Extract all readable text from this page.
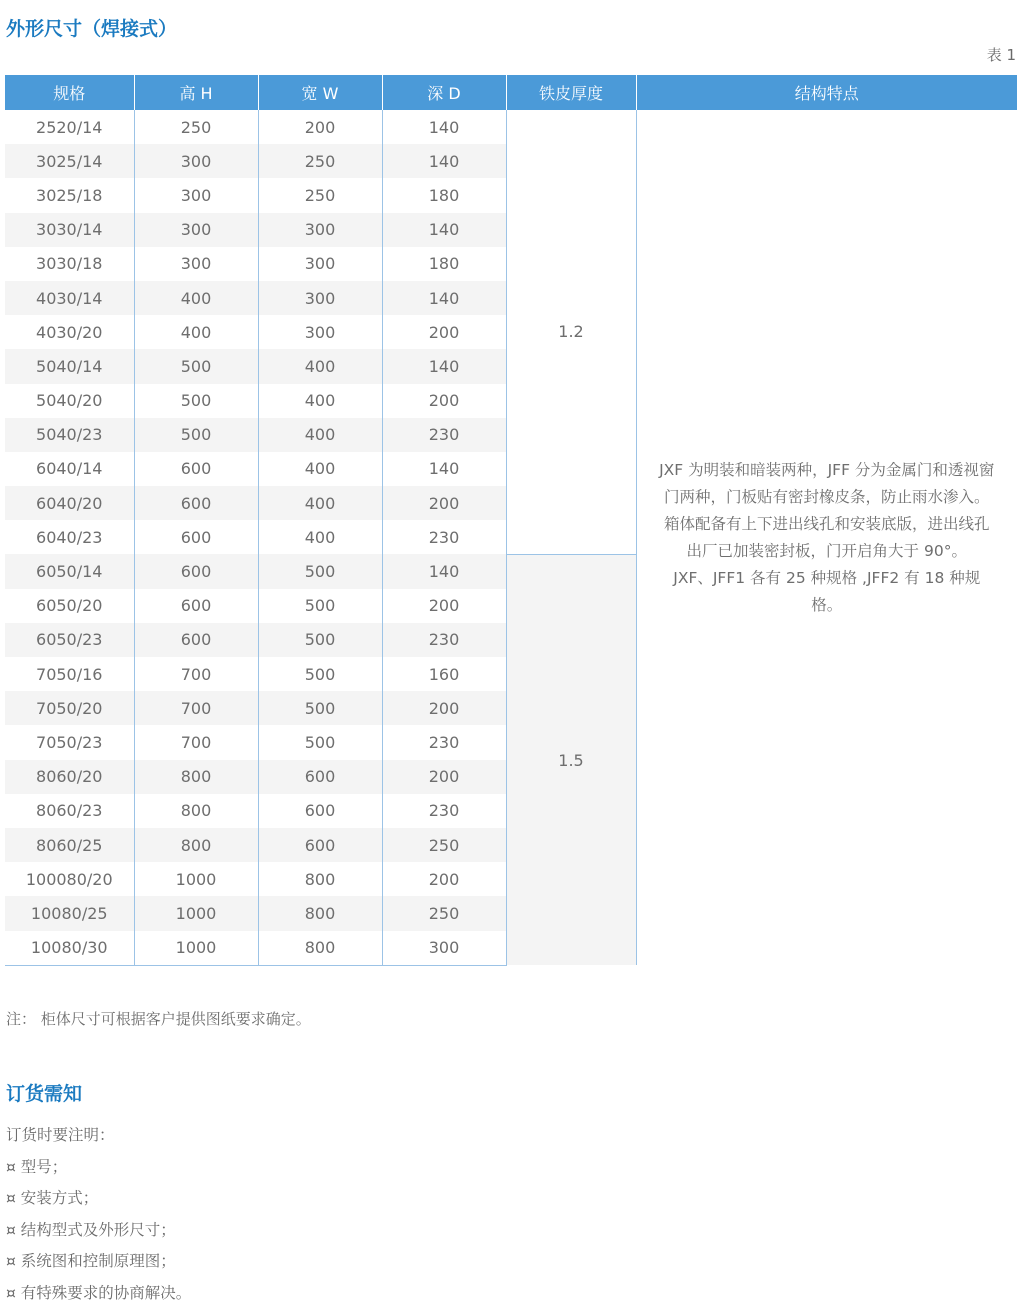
外形尺寸（焊接式）
表 1
规格	高 H	宽 W	深 D	铁皮厚度	结构特点
2520/14	250	200	140	1.2	JXF 为明装和暗装两种，JFF 分为金属门和透视窗门两种，门板贴有密封橡皮条，防止雨水渗入。

箱体配备有上下进出线孔和安装底版，进出线孔出厂已加装密封板，门开启角大于 90°。

JXF、JFF1 各有 25 种规格 ,JFF2 有 18 种规格。

3025/14	300	250	140		
3025/18	300	250	180		
3030/14	300	300	140		
3030/18	300	300	180		
4030/14	400	300	140		
4030/20	400	300	200		
5040/14	500	400	140		
5040/20	500	400	200		
5040/23	500	400	230		
6040/14	600	400	140		
6040/20	600	400	200		
6040/23	600	400	230		
6050/14	600	500	140	1.5	
6050/20	600	500	200		
6050/23	600	500	230		
7050/16	700	500	160		
7050/20	700	500	200		
7050/23	700	500	230		
8060/20	800	600	200		
8060/23	800	600	230		
8060/25	800	600	250		
100080/20	1000	800	200		
10080/25	1000	800	250		
10080/30	1000	800	300		
注： 柜体尺寸可根据客户提供图纸要求确定。
订货需知
订货时要注明：
¤ 型号；
¤ 安装方式；
¤ 结构型式及外形尺寸；
¤ 系统图和控制原理图；
¤ 有特殊要求的协商解决。
